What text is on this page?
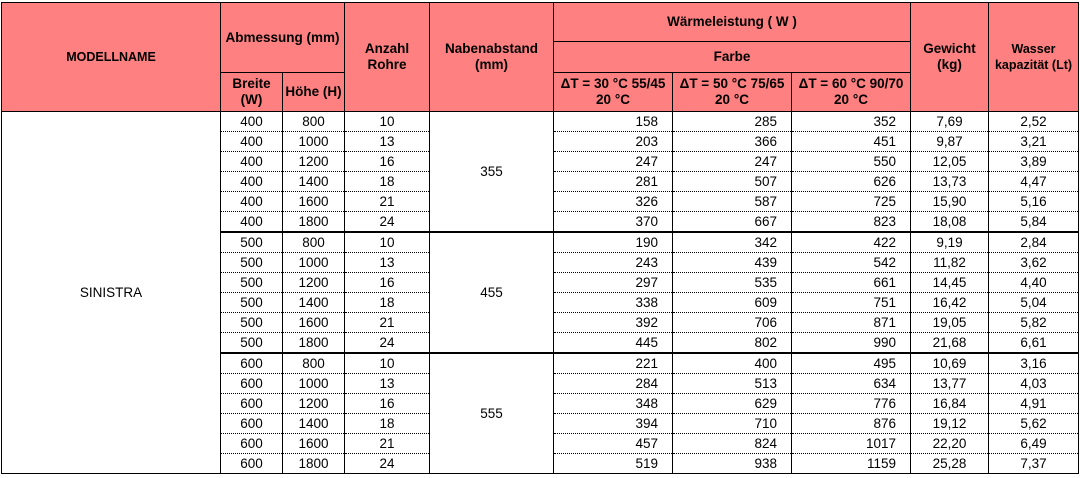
MODELLNAME	Abmessung (mm)		Anzahl Rohre	Nabenabstand (mm)	Wärmeleistung ( W )			Gewicht (kg)	Wasser kapazität (Lt)
					Farbe				
	Breite (W)	Höhe (H)			ΔT = 30 °C 55/45 20 °C	ΔT = 50 °C 75/65 20 °C	ΔT = 60 °C 90/70 20 °C		
SINISTRA	400	800	10	355	158	285	352	7,69	2,52
	400	1000	13		203	366	451	9,87	3,21
	400	1200	16		247	247	550	12,05	3,89
	400	1400	18		281	507	626	13,73	4,47
	400	1600	21		326	587	725	15,90	5,16
	400	1800	24		370	667	823	18,08	5,84
	500	800	10	455	190	342	422	9,19	2,84
	500	1000	13		243	439	542	11,82	3,62
	500	1200	16		297	535	661	14,45	4,40
	500	1400	18		338	609	751	16,42	5,04
	500	1600	21		392	706	871	19,05	5,82
	500	1800	24		445	802	990	21,68	6,61
	600	800	10	555	221	400	495	10,69	3,16
	600	1000	13		284	513	634	13,77	4,03
	600	1200	16		348	629	776	16,84	4,91
	600	1400	18		394	710	876	19,12	5,62
	600	1600	21		457	824	1017	22,20	6,49
	600	1800	24		519	938	1159	25,28	7,37
